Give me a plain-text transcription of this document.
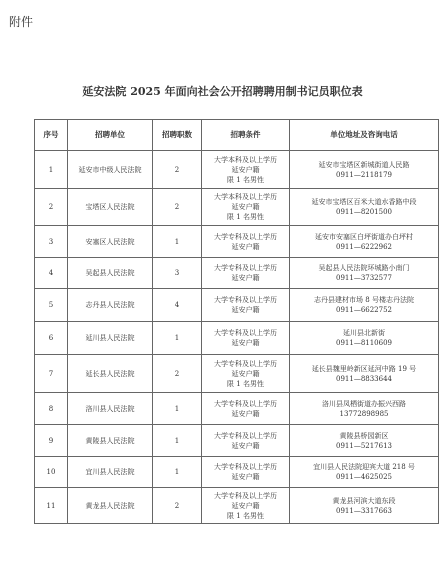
附件
延安法院 2025 年面向社会公开招聘聘用制书记员职位表
序号	招聘单位	招聘职数	招聘条件	单位地址及咨询电话
1	延安市中级人民法院	2	大学本科及以上学历
延安户籍
限 1 名男性	延安市宝塔区新城街道人民路
0911—2118179

2	宝塔区人民法院	2	大学本科及以上学历
延安户籍
限 1 名男性	延安市宝塔区百米大道水香路中段
0911—8201500

3	安塞区人民法院	1	大学专科及以上学历
延安户籍	延安市安塞区白坪街道办白坪村
0911—6222962

4	吴起县人民法院	3	大学专科及以上学历
延安户籍	吴起县人民法院环城路小南门
0911—3732577

5	志丹县人民法院	4	大学专科及以上学历
延安户籍	志丹县建材市场 8 号楼志丹法院
0911—6622752

6	延川县人民法院	1	大学专科及以上学历
延安户籍	延川县北新街
0911—8110609

7	延长县人民法院	2	大学专科及以上学历
延安户籍
限 1 名男性	延长县魏里岭新区延河中路 19 号
0911—8833644

8	洛川县人民法院	1	大学专科及以上学历
延安户籍	洛川县凤栖街道办振兴西路
13772898985

9	黄陵县人民法院	1	大学专科及以上学历
延安户籍	黄陵县桥园新区
0911—5217613

10	宜川县人民法院	1	大学专科及以上学历
延安户籍	宜川县人民法院迎宾大道 218 号
0911—4625025

11	黄龙县人民法院	2	大学专科及以上学历
延安户籍
限 1 名男性	黄龙县河滨大道东段
0911—3317663
